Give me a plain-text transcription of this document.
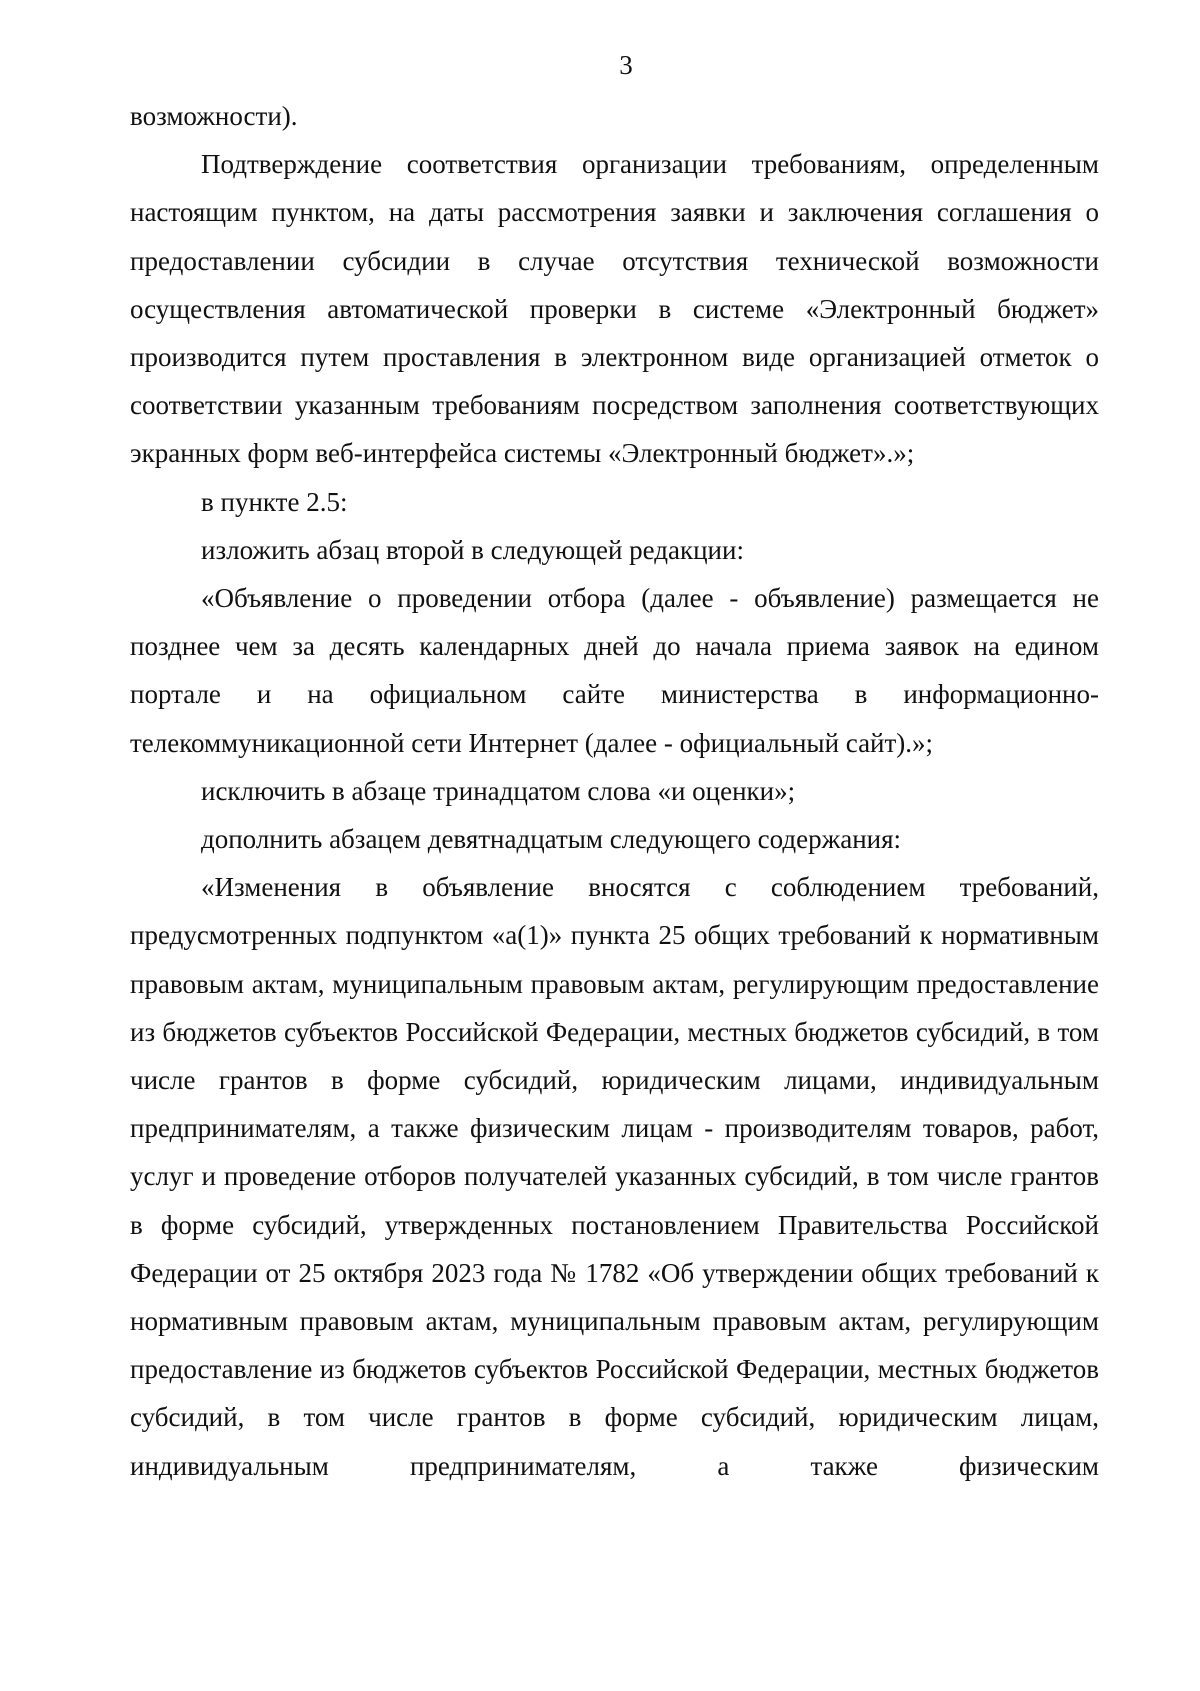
3

возможности).

Подтверждение соответствия организации требованиям, определенным настоящим пунктом, на даты рассмотрения заявки и заключения соглашения о предоставлении субсидии в случае отсутствия технической возможности осуществления автоматической проверки в системе «Электронный бюджет» производится путем проставления в электронном виде организацией отметок о соответствии указанным требованиям посредством заполнения соответствующих экранных форм веб-интерфейса системы «Электронный бюджет».»;

в пункте 2.5:

изложить абзац второй в следующей редакции:

«Объявление о проведении отбора (далее - объявление) размещается не позднее чем за десять календарных дней до начала приема заявок на едином портале и на официальном сайте министерства в информационно-телекоммуникационной сети Интернет (далее - официальный сайт).»;

исключить в абзаце тринадцатом слова «и оценки»;

дополнить абзацем девятнадцатым следующего содержания:

«Изменения в объявление вносятся с соблюдением требований, предусмотренных подпунктом «а(1)» пункта 25 общих требований к нормативным правовым актам, муниципальным правовым актам, регулирующим предоставление из бюджетов субъектов Российской Федерации, местных бюджетов субсидий, в том числе грантов в форме субсидий, юридическим лицами, индивидуальным предпринимателям, а также физическим лицам - производителям товаров, работ, услуг и проведение отборов получателей указанных субсидий, в том числе грантов в форме субсидий, утвержденных постановлением Правительства Российской Федерации от 25 октября 2023 года № 1782 «Об утверждении общих требований к нормативным правовым актам, муниципальным правовым актам, регулирующим предоставление из бюджетов субъектов Российской Федерации, местных бюджетов субсидий, в том числе грантов в форме субсидий, юридическим лицам, индивидуальным предпринимателям, а также физическим
